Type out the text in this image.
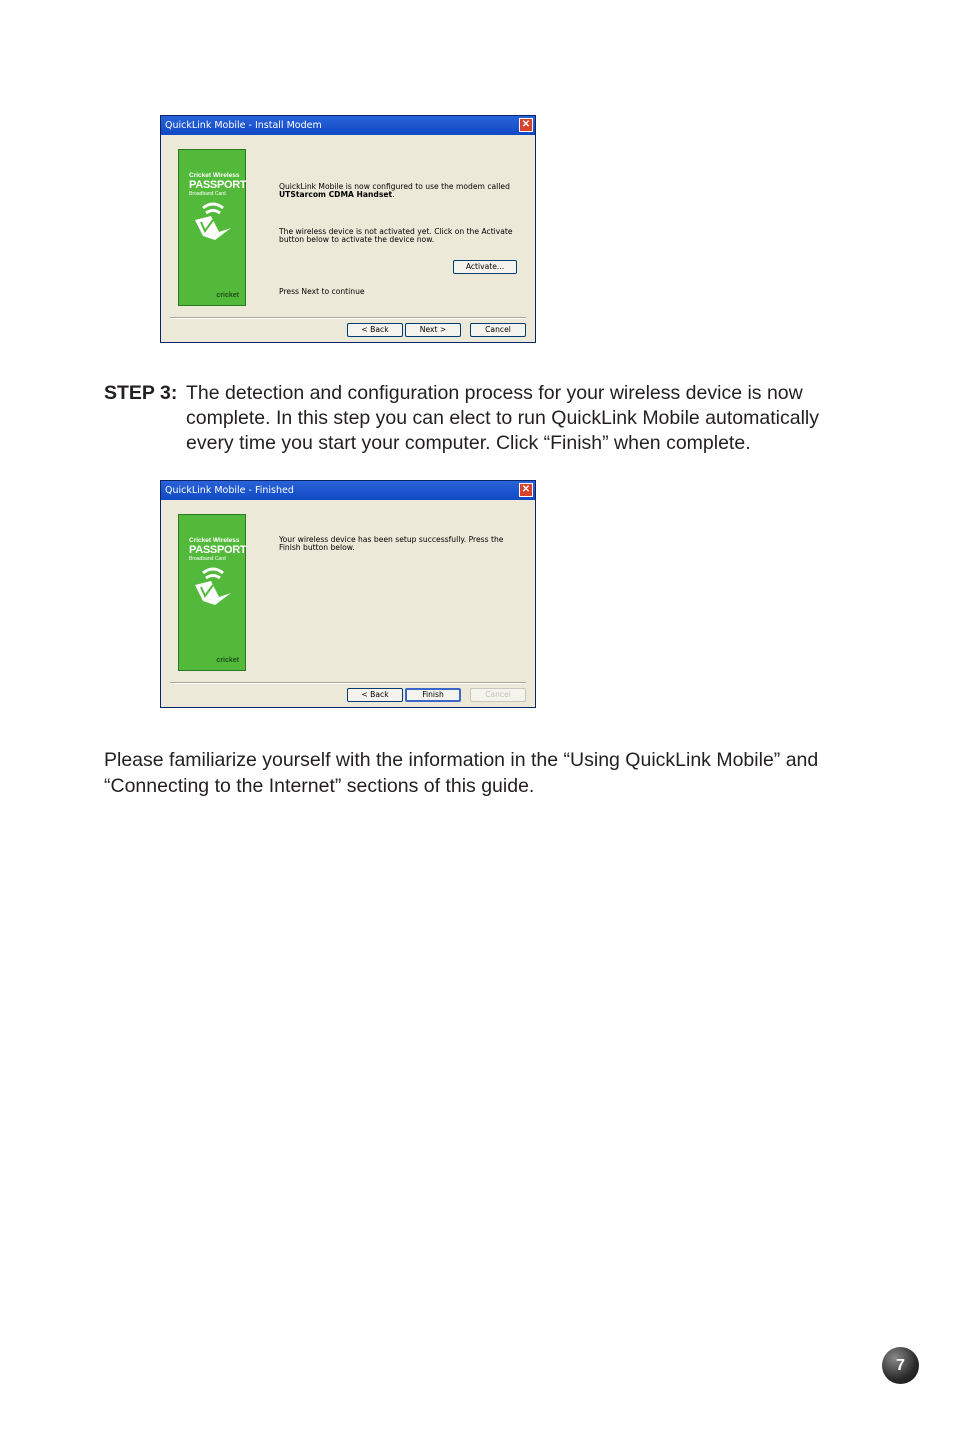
QuickLink Mobile - Install Modem	✕
Cricket Wireless
PASSPORT
Broadband Card
cricket
QuickLink Mobile is now configured to use the modem called UTStarcom CDMA Handset.
The wireless device is not activated yet. Click on the Activate button below to activate the device now.
Activate...
Press Next to continue
< Back	Next >	Cancel
STEP 3: The detection and configuration process for your wireless device is now
complete. In this step you can elect to run QuickLink Mobile automatically
every time you start your computer. Click “Finish” when complete.
QuickLink Mobile - Finished	✕
Cricket Wireless
PASSPORT
Broadband Card
cricket
Your wireless device has been setup successfully. Press the Finish button below.
< Back	Finish	Cancel
Please familiarize yourself with the information in the “Using QuickLink Mobile” and
“Connecting to the Internet” sections of this guide.
7
